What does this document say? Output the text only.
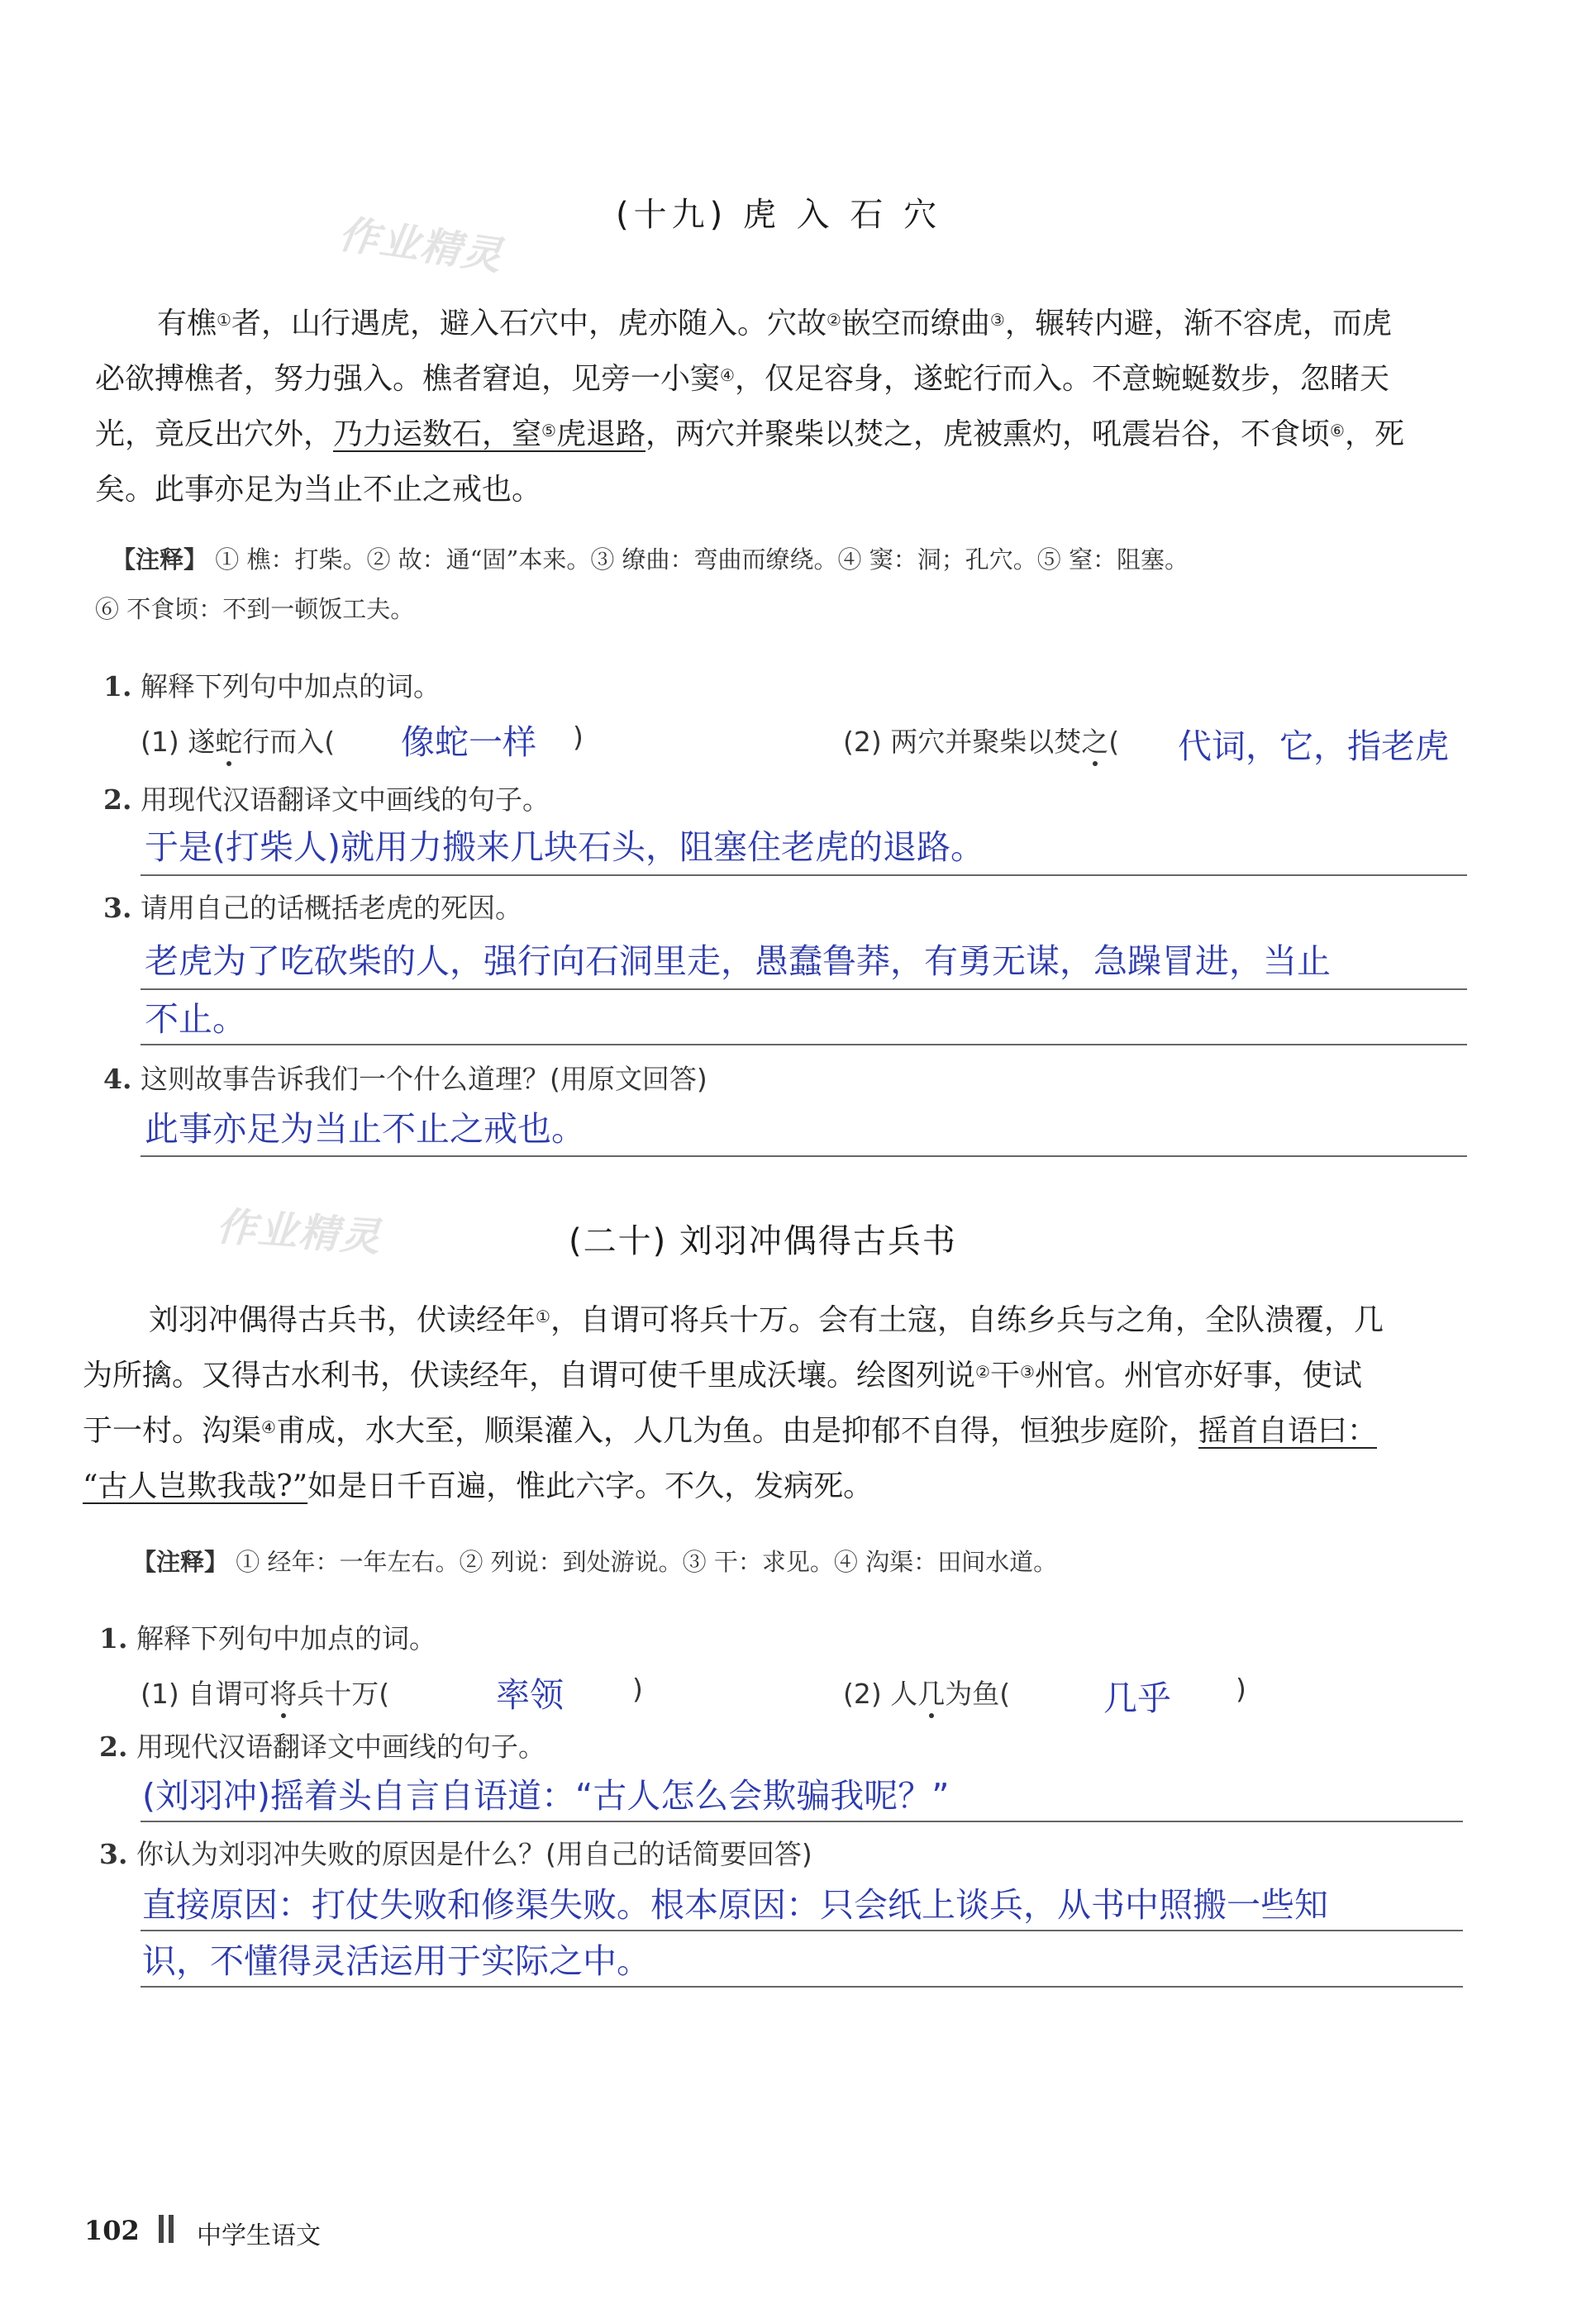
作业精灵
作业精灵
(十九) 虎 入 石 穴
有樵①者，山行遇虎，避入石穴中，虎亦随入。穴故②嵌空而缭曲③，辗转内避，渐不容虎，而虎
必欲搏樵者，努力强入。樵者窘迫，见旁一小窦④，仅足容身，遂蛇行而入。不意蜿蜒数步，忽睹天
光，竟反出穴外，乃力运数石，窒⑤虎退路，两穴并聚柴以焚之，虎被熏灼，吼震岩谷，不食顷⑥，死
矣。此事亦足为当止不止之戒也。
【注释】 ① 樵：打柴。② 故：通“固”本来。③ 缭曲：弯曲而缭绕。④ 窦：洞；孔穴。⑤ 窒：阻塞。
⑥ 不食顷：不到一顿饭工夫。
1. 解释下列句中加点的词。
(1) 遂蛇行而入( 像蛇一样 )	(2) 两穴并聚柴以焚之( 代词，它，指老虎
2. 用现代汉语翻译文中画线的句子。
于是(打柴人)就用力搬来几块石头，阻塞住老虎的退路。
3. 请用自己的话概括老虎的死因。
老虎为了吃砍柴的人，强行向石洞里走，愚蠢鲁莽，有勇无谋，急躁冒进，当止
不止。
4. 这则故事告诉我们一个什么道理？(用原文回答)
此事亦足为当止不止之戒也。
(二十) 刘羽冲偶得古兵书
刘羽冲偶得古兵书，伏读经年①，自谓可将兵十万。会有土寇，自练乡兵与之角，全队溃覆，几
为所擒。又得古水利书，伏读经年，自谓可使千里成沃壤。绘图列说②干③州官。州官亦好事，使试
于一村。沟渠④甫成，水大至，顺渠灌入，人几为鱼。由是抑郁不自得，恒独步庭阶，摇首自语曰：
“古人岂欺我哉?”如是日千百遍，惟此六字。不久，发病死。
【注释】 ① 经年：一年左右。② 列说：到处游说。③ 干：求见。④ 沟渠：田间水道。
1. 解释下列句中加点的词。
(1) 自谓可将兵十万(	率领	)	(2) 人几为鱼(	几乎 )
2. 用现代汉语翻译文中画线的句子。
(刘羽冲)摇着头自言自语道：“古人怎么会欺骗我呢？”
3. 你认为刘羽冲失败的原因是什么？(用自己的话简要回答)
直接原因：打仗失败和修渠失败。根本原因：只会纸上谈兵，从书中照搬一些知
识，不懂得灵活运用于实际之中。
102 中学生语文
